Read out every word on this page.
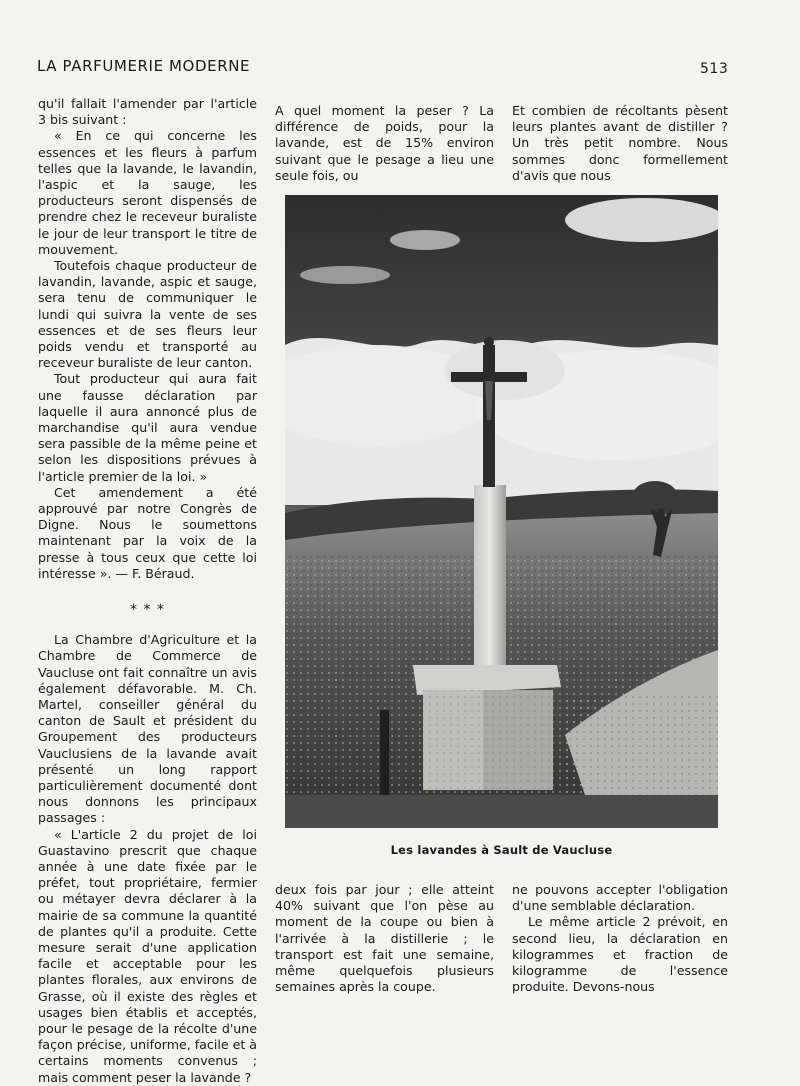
LA PARFUMERIE MODERNE	513

qu'il fallait l'amender par l'article 3 bis suivant :

« En ce qui concerne les essences et les fleurs à parfum telles que la lavande, le lavandin, l'aspic et la sauge, les producteurs seront dispensés de prendre chez le receveur buraliste le jour de leur transport le titre de mouvement.

Toutefois chaque producteur de lavandin, lavande, aspic et sauge, sera tenu de communiquer le lundi qui suivra la vente de ses essences et de ses fleurs leur poids vendu et transporté au receveur buraliste de leur canton.

Tout producteur qui aura fait une fausse déclaration par laquelle il aura annoncé plus de marchandise qu'il aura vendue sera passible de la même peine et selon les dispositions prévues à l'article premier de la loi. »

Cet amendement a été approuvé par notre Congrès de Digne. Nous le soumettons maintenant par la voix de la presse à tous ceux que cette loi intéresse ». — F. Béraud.

* * *

La Chambre d'Agriculture et la Chambre de Commerce de Vaucluse ont fait connaître un avis également défavorable. M. Ch. Martel, conseiller général du canton de Sault et président du Groupement des producteurs Vauclusiens de la lavande avait présenté un long rapport particulièrement documenté dont nous donnons les principaux passages :

« L'article 2 du projet de loi Guastavino prescrit que chaque année à une date fixée par le préfet, tout propriétaire, fermier ou métayer devra déclarer à la mairie de sa commune la quantité de plantes qu'il a produite. Cette mesure serait d'une application facile et acceptable pour les plantes florales, aux environs de Grasse, où il existe des règles et usages bien établis et acceptés, pour le pesage de la récolte d'une façon précise, uniforme, facile et à certains moments convenus ; mais comment peser la lavande ?

A quel moment la peser ? La différence de poids, pour la lavande, est de 15% environ suivant que le pesage a lieu une seule fois, ou

Et combien de récoltants pèsent leurs plantes avant de distiller ? Un très petit nombre. Nous sommes donc formellement d'avis que nous

Les lavandes à Sault de Vaucluse

deux fois par jour ; elle atteint 40% suivant que l'on pèse au moment de la coupe ou bien à l'arrivée à la distillerie ; le transport est fait une semaine, même quelquefois plusieurs semaines après la coupe.

ne pouvons accepter l'obligation d'une semblable déclaration.

Le même article 2 prévoit, en second lieu, la déclaration en kilogrammes et fraction de kilogramme de l'essence produite. Devons-nous
